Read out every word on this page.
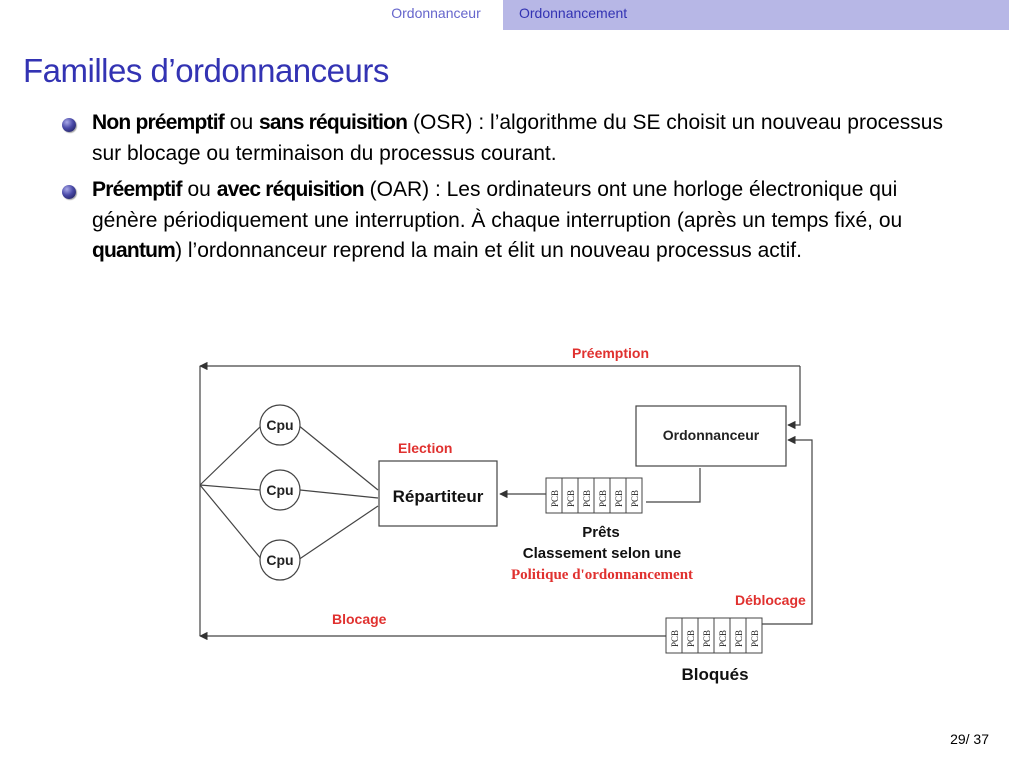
Ordonnanceur	Ordonnancement
Familles d’ordonnanceurs
Non préemptif ou sans réquisition (OSR) : l’algorithme du SE choisit un nouveau processus sur blocage ou terminaison du processus courant.
Préemptif ou avec réquisition (OAR) : Les ordinateurs ont une horloge électronique qui génère périodiquement une interruption. À chaque interruption (après un temps fixé, ou quantum) l’ordonnanceur reprend la main et élit un nouveau processus actif.
Cpu
Cpu
Cpu
Répartiteur
Ordonnanceur
PCB PCB PCB PCB PCB PCB
PCB PCB PCB PCB PCB PCB
Préemption
Election
Blocage
Déblocage
Prêts
Classement selon une
Politique d'ordonnancement
Bloqués
29/ 37
